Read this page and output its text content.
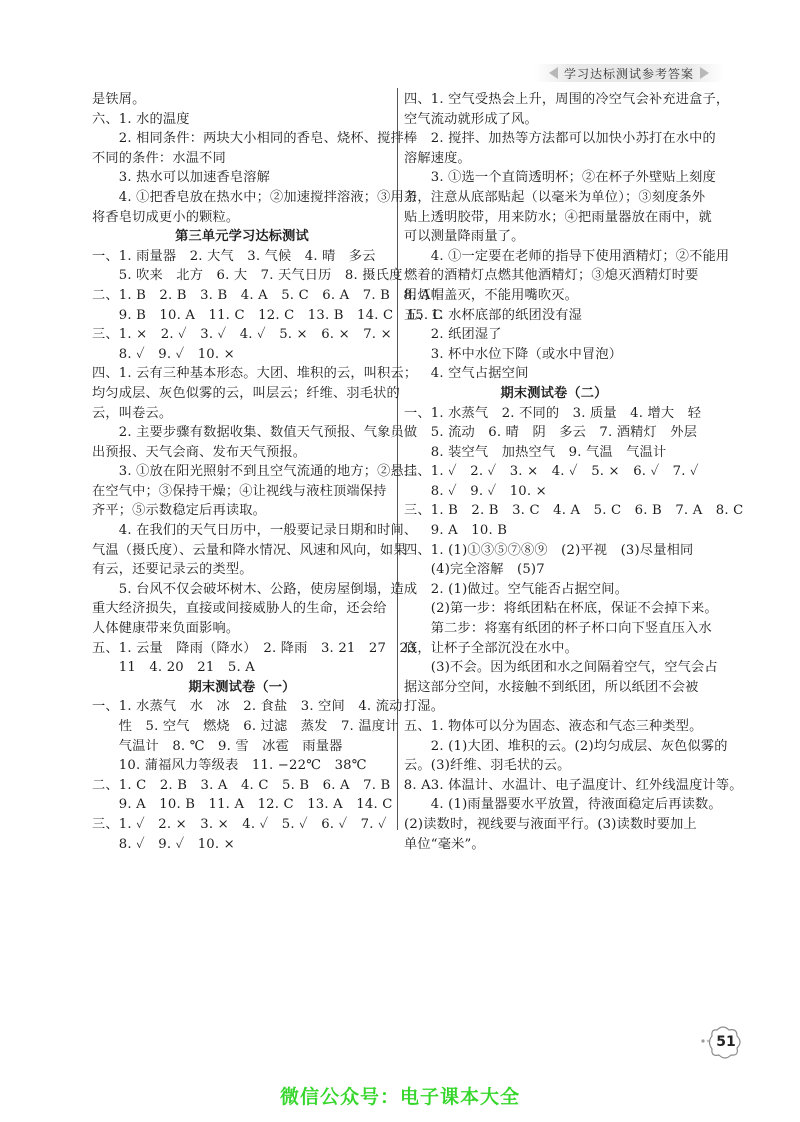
学习达标测试参考答案
是铁屑。
六、1. 水的温度
　　2. 相同条件：两块大小相同的香皂、烧杯、搅拌棒
不同的条件：水温不同
　　3. 热水可以加速香皂溶解
　　4. ①把香皂放在热水中；②加速搅拌溶液；③用刀
将香皂切成更小的颗粒。
第三单元学习达标测试
一、1. 雨量器　2. 大气　3. 气候　4. 晴　多云
　　5. 吹来　北方　6. 大　7. 天气日历　8. 摄氏度
二、1. B　2. B　3. B　4. A　5. C　6. A　7. B　8. A
　　9. B　10. A　11. C　12. C　13. B　14. C　15. C
三、1. ×　2. ✓　3. ✓　4. ✓　5. ×　6. ×　7. ×
　　8. ✓　9. ✓　10. ×
四、1. 云有三种基本形态。大团、堆积的云，叫积云；
均匀成层、灰色似雾的云，叫层云；纤维、羽毛状的
云，叫卷云。
　　2. 主要步骤有数据收集、数值天气预报、气象员做
出预报、天气会商、发布天气预报。
　　3. ①放在阳光照射不到且空气流通的地方；②悬挂
在空气中；③保持干燥；④让视线与液柱顶端保持
齐平；⑤示数稳定后再读取。
　　4. 在我们的天气日历中，一般要记录日期和时间、
气温（摄氏度）、云量和降水情况、风速和风向，如果
有云，还要记录云的类型。
　　5. 台风不仅会破坏树木、公路，使房屋倒塌，造成
重大经济损失，直接或间接威胁人的生命，还会给
人体健康带来负面影响。
五、1. 云量　降雨（降水）　2. 降雨　3. 21　27　23
　　11　4. 20　21　5. A
期末测试卷（一）
一、1. 水蒸气　水　冰　2. 食盐　3. 空间　4. 流动
　　性　5. 空气　燃烧　6. 过滤　蒸发　7. 温度计
　　气温计　8. ℃　9. 雪　冰雹　雨量器
　　10. 蒲福风力等级表　11. −22℃　38℃
二、1. C　2. B　3. A　4. C　5. B　6. A　7. B　8. A
　　9. A　10. B　11. A　12. C　13. A　14. C
三、1. ✓　2. ×　3. ×　4. ✓　5. ✓　6. ✓　7. ✓
　　8. ✓　9. ✓　10. ×
四、1. 空气受热会上升，周围的冷空气会补充进盒子，
空气流动就形成了风。
　　2. 搅拌、加热等方法都可以加快小苏打在水中的
溶解速度。
　　3. ①选一个直筒透明杯；②在杯子外壁贴上刻度
条，注意从底部贴起（以毫米为单位）；③刻度条外
贴上透明胶带，用来防水；④把雨量器放在雨中，就
可以测量降雨量了。
　　4. ①一定要在老师的指导下使用酒精灯；②不能用
燃着的酒精灯点燃其他酒精灯；③熄灭酒精灯时要
用灯帽盖灭，不能用嘴吹灭。
五、1. 水杯底部的纸团没有湿
　　2. 纸团湿了
　　3. 杯中水位下降（或水中冒泡）
　　4. 空气占据空间
期末测试卷（二）
一、1. 水蒸气　2. 不同的　3. 质量　4. 增大　轻
　　5. 流动　6. 晴　阴　多云　7. 酒精灯　外层
　　8. 装空气　加热空气　9. 气温　气温计
二、1. ✓　2. ✓　3. ×　4. ✓　5. ×　6. ✓　7. ✓
　　8. ✓　9. ✓　10. ×
三、1. B　2. B　3. C　4. A　5. C　6. B　7. A　8. C
　　9. A　10. B
四、1. (1)①③⑤⑦⑧⑨　(2)平视　(3)尽量相同
　　(4)完全溶解　(5)7
　　2. (1)做过。空气能否占据空间。
　　(2)第一步：将纸团粘在杯底，保证不会掉下来。
　　第二步：将塞有纸团的杯子杯口向下竖直压入水
底，让杯子全部沉没在水中。
　　(3)不会。因为纸团和水之间隔着空气，空气会占
据这部分空间，水接触不到纸团，所以纸团不会被
打湿。
五、1. 物体可以分为固态、液态和气态三种类型。
　　2. (1)大团、堆积的云。(2)均匀成层、灰色似雾的
云。(3)纤维、羽毛状的云。
　　3. 体温计、水温计、电子温度计、红外线温度计等。
　　4. (1)雨量器要水平放置，待液面稳定后再读数。
(2)读数时，视线要与液面平行。(3)读数时要加上
单位“毫米”。
51
微信公众号：电子课本大全
